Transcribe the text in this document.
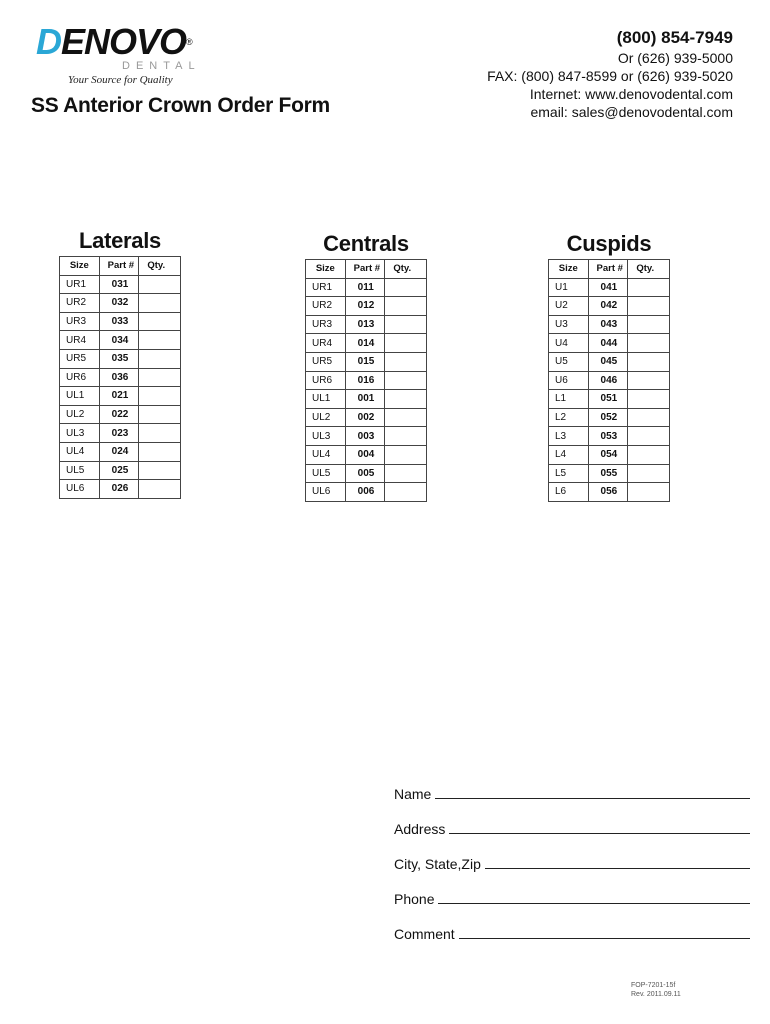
DENOVO®
DENTAL
Your Source for Quality
SS Anterior Crown Order Form
(800) 854-7949
Or (626) 939-5000
FAX: (800) 847-8599 or (626) 939-5020
Internet: www.denovodental.com
email: sales@denovodental.com
Laterals
Size	Part #	Qty.
UR1	031	
UR2	032	
UR3	033	
UR4	034	
UR5	035	
UR6	036	
UL1	021	
UL2	022	
UL3	023	
UL4	024	
UL5	025	
UL6	026	
Centrals
Size	Part #	Qty.
UR1	011	
UR2	012	
UR3	013	
UR4	014	
UR5	015	
UR6	016	
UL1	001	
UL2	002	
UL3	003	
UL4	004	
UL5	005	
UL6	006	
Cuspids
Size	Part #	Qty.
U1	041	
U2	042	
U3	043	
U4	044	
U5	045	
U6	046	
L1	051	
L2	052	
L3	053	
L4	054	
L5	055	
L6	056	
Name
Address
City, State,Zip
Phone
Comment
FOP-7201-15f
Rev. 2011.09.11
